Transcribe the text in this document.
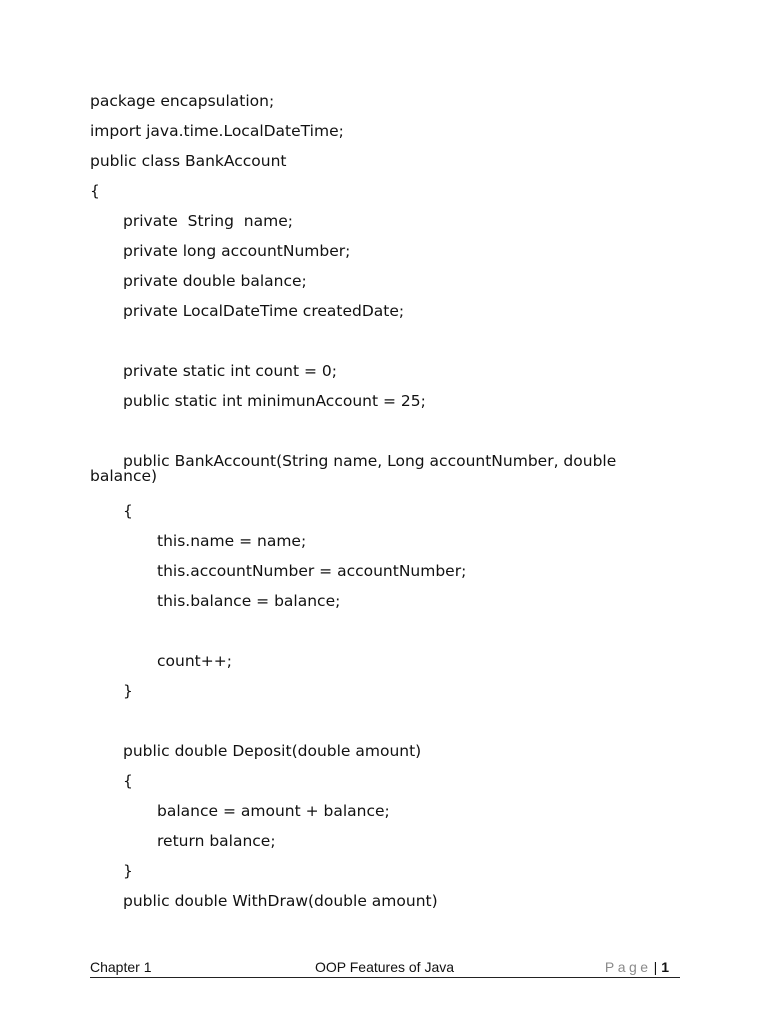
package encapsulation;
import java.time.LocalDateTime;
public class BankAccount
{
private  String  name;
private long accountNumber;
private double balance;
private LocalDateTime createdDate;
private static int count = 0;
public static int minimunAccount = 25;
public BankAccount(String name, Long accountNumber, double
balance)
{
this.name = name;
this.accountNumber = accountNumber;
this.balance = balance;
count++;
}
public double Deposit(double amount)
{
balance = amount + balance;
return balance;
}
public double WithDraw(double amount)
Chapter 1	OOP Features of Java	Page | 1
